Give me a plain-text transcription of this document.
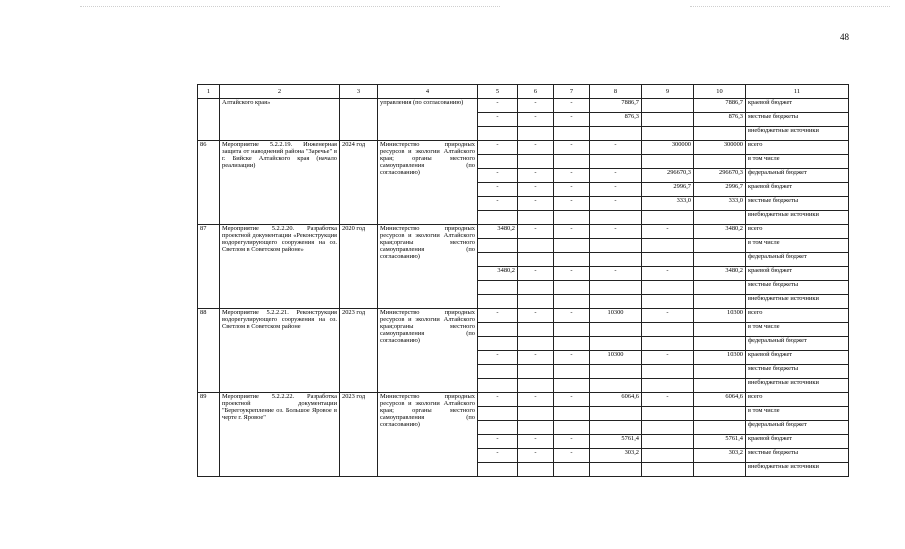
48
1	2	3	4	5	6	7	8	9	10	11
	Алтайского края»		управления (по согласованию)	-	-	-	7886,7		7886,7	краевой бюджет
				-	-	-	876,3		876,3	местные бюджеты
										внебюджетные источники
86	Мероприятие 5.2.2.19. Инженерная защита от наводнений района "Заречье" в г. Бийске Алтайского края (начало реализации)	2024 год	Министерство природных ресурсов и экологии Алтайского края; органы местного самоуправления (по согласованию)	-	-	-	-	300000	300000	всего
										в том числе
				-	-	-	-	296670,3	296670,3	федеральный бюджет
				-	-	-	-	2996,7	2996,7	краевой бюджет
				-	-	-	-	333,0	333,0	местные бюджеты
										внебюджетные источники
87	Мероприятие 5.2.2.20. Разработка проектной документации «Реконструкция водорегулирующего сооружения на оз. Светлом в Советском районе»	2020 год	Министерство природных ресурсов и экологии Алтайского края;органы местного самоуправления (по согласованию)	3480,2	-	-	-	-	3480,2	всего
										в том числе
										федеральный бюджет
				3480,2	-	-	-	-	3480,2	краевой бюджет
										местные бюджеты
										внебюджетные источники
88	Мероприятие 5.2.2.21. Реконструкция водорегулирующего сооружения на оз. Светлом в Советском районе	2023 год	Министерство природных ресурсов и экологии Алтайского края;органы местного самоуправления (по согласованию)	-	-	-	10300	-	10300	всего
										в том числе
										федеральный бюджет
				-	-	-	10300	-	10300	краевой бюджет
										местные бюджеты
										внебюджетные источники
89	Мероприятие 5.2.2.22. Разработка проектной документации "Берегоукрепление оз. Большое Яровое в черте г. Яровое"	2023 год	Министерство природных ресурсов и экологии Алтайского края; органы местного самоуправления (по согласованию)	-	-	-	6064,6	-	6064,6	всего
										в том числе
										федеральный бюджет
				-	-	-	5761,4		5761,4	краевой бюджет
				-	-	-	303,2		303,2	местные бюджеты
										внебюджетные источники
